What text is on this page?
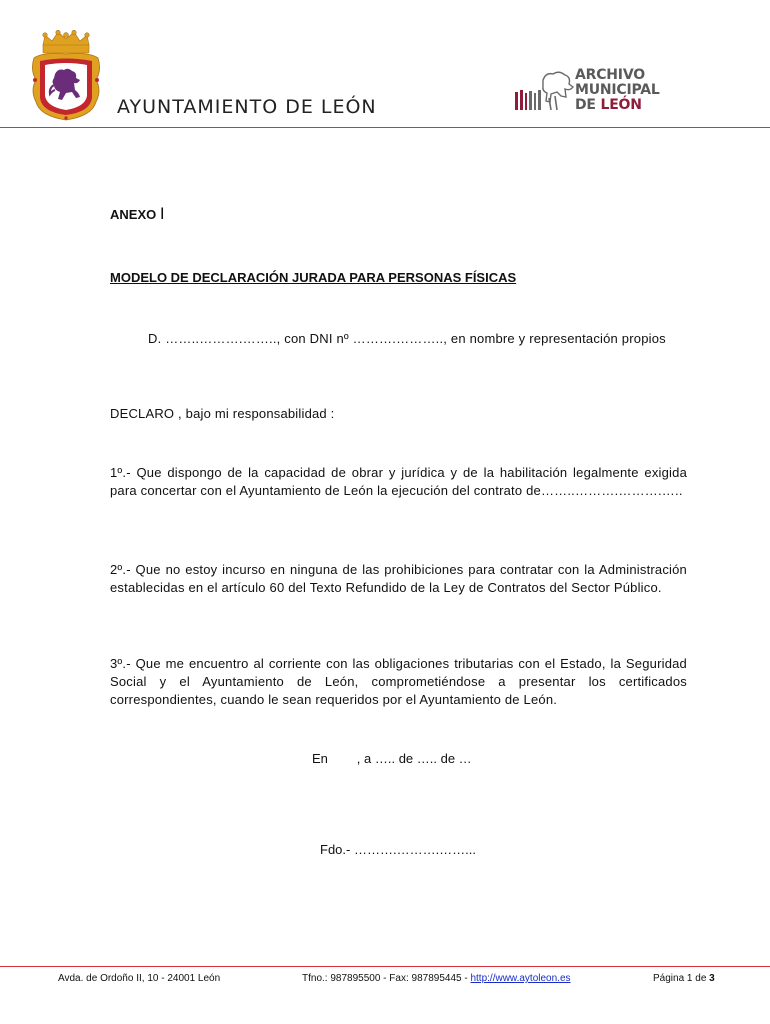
AYUNTAMIENTO DE LEÓN
ARCHIVO
MUNICIPAL
DE LEÓN
ANEXO I
MODELO DE DECLARACIÓN JURADA PARA PERSONAS FÍSICAS
D. ……..……….…….., con DNI nº ……….……….., en nombre y representación propios
DECLARO , bajo mi responsabilidad :
1º.- Que dispongo de la capacidad de obrar y jurídica y de la habilitación legalmente exigida para concertar con el Ayuntamiento de León la ejecución del contrato de……..……….……….…..
2º.- Que no estoy incurso en ninguna de las prohibiciones para contratar con la Administración establecidas en el artículo 60 del Texto Refundido de la Ley de Contratos del Sector Público.
3º.- Que me encuentro al corriente con las obligaciones tributarias con el Estado, la Seguridad Social y el Ayuntamiento de León, comprometiéndose a presentar los certificados correspondientes, cuando le sean requeridos por el Ayuntamiento de León.
En        , a ….. de ….. de …
Fdo.- ……….……….……...
Avda. de Ordoño II, 10 - 24001 León	Tfno.: 987895500 - Fax: 987895445 - http://www.aytoleon.es	Página 1 de 3
